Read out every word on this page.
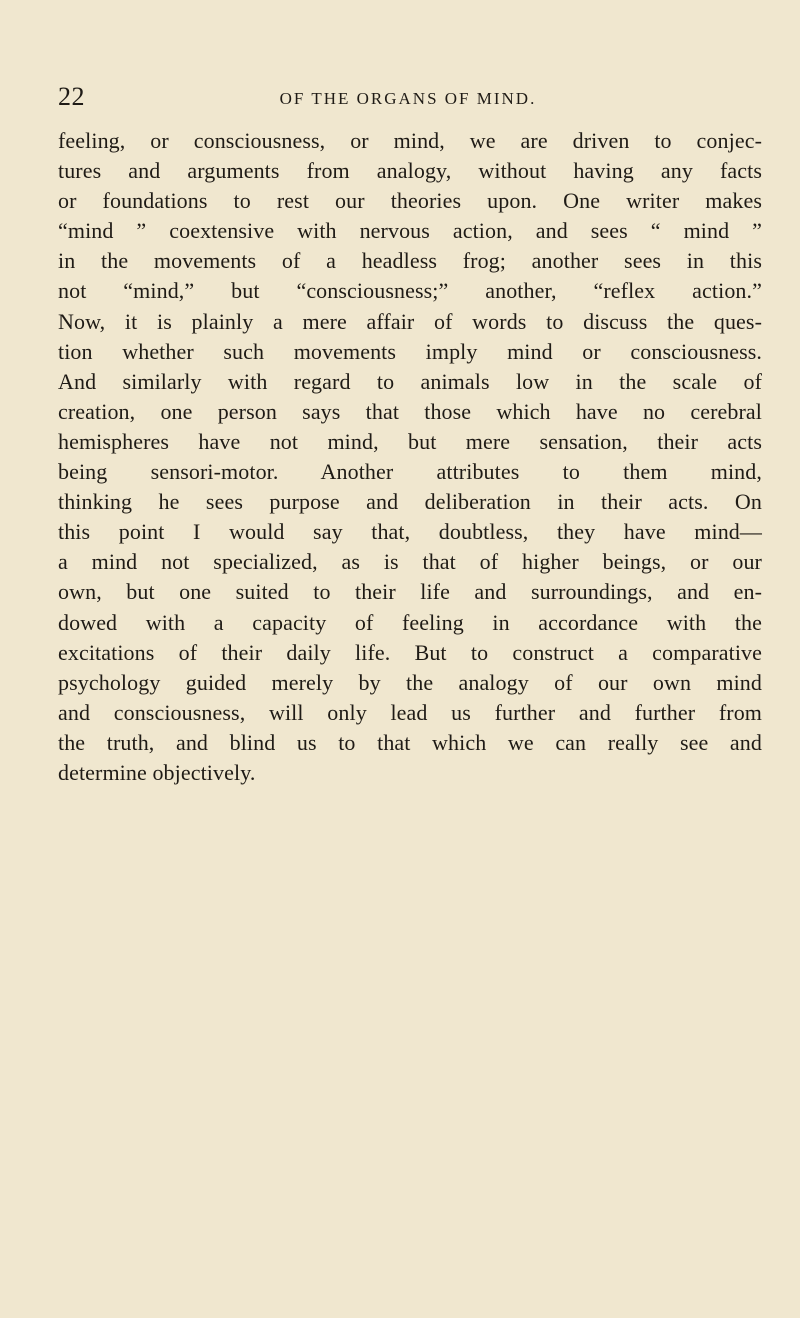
22	OF THE ORGANS OF MIND.
feeling, or consciousness, or mind, we are driven to conjec-
tures and arguments from analogy, without having any facts
or foundations to rest our theories upon. One writer makes
“mind ” coextensive with nervous action, and sees “ mind ”
in the movements of a headless frog; another sees in this
not “mind,” but “consciousness;” another, “reflex action.”
Now, it is plainly a mere affair of words to discuss the ques-
tion whether such movements imply mind or consciousness.
And similarly with regard to animals low in the scale of
creation, one person says that those which have no cerebral
hemispheres have not mind, but mere sensation, their acts
being sensori-motor. Another attributes to them mind,
thinking he sees purpose and deliberation in their acts. On
this point I would say that, doubtless, they have mind—
a mind not specialized, as is that of higher beings, or our
own, but one suited to their life and surroundings, and en-
dowed with a capacity of feeling in accordance with the
excitations of their daily life. But to construct a comparative
psychology guided merely by the analogy of our own mind
and consciousness, will only lead us further and further from
the truth, and blind us to that which we can really see and
determine objectively.
